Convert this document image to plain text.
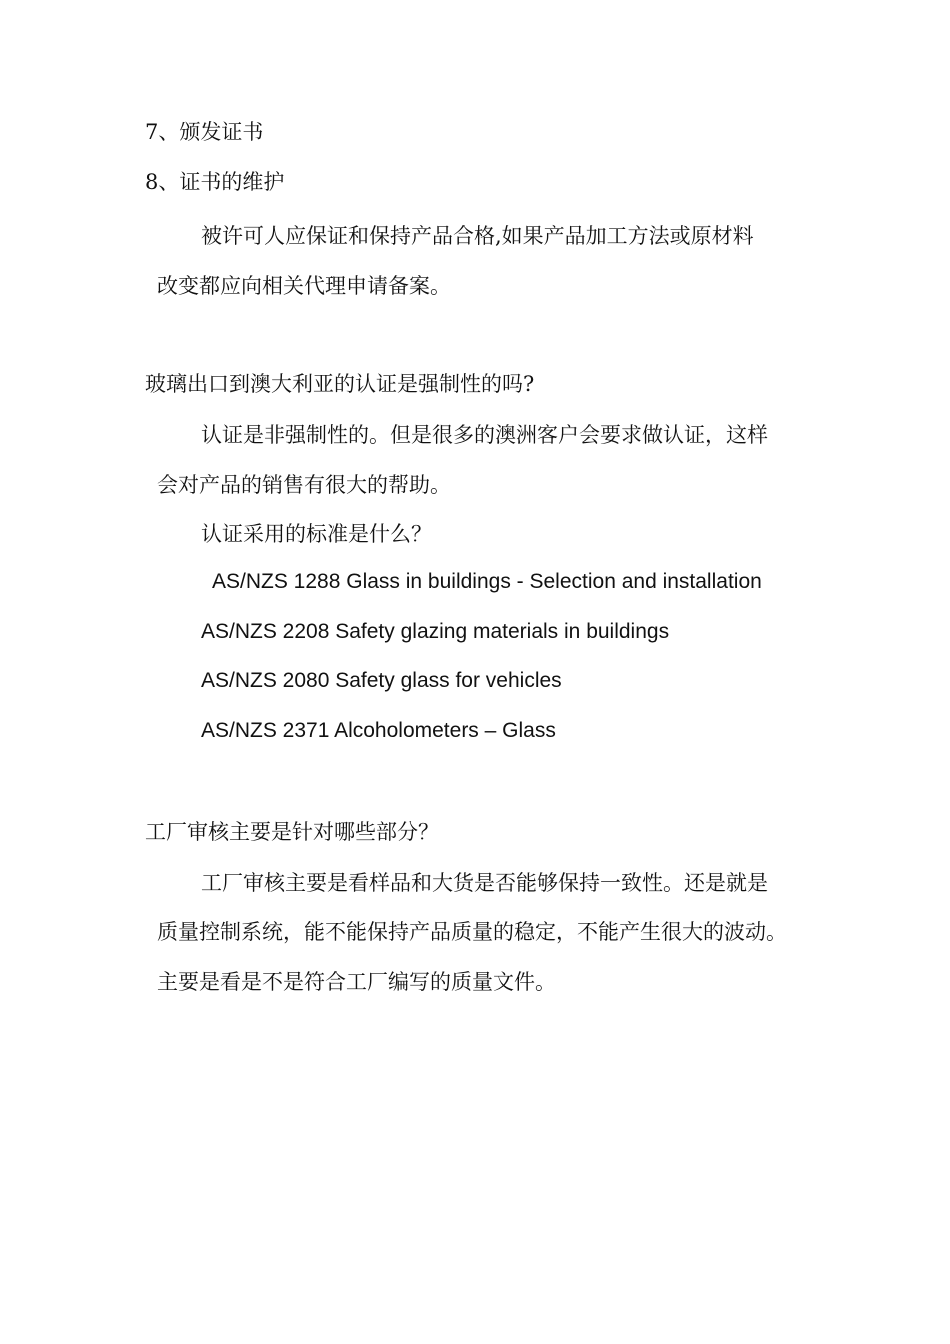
7、颁发证书
8、证书的维护
被许可人应保证和保持产品合格,如果产品加工方法或原材料
改变都应向相关代理申请备案。
玻璃出口到澳大利亚的认证是强制性的吗?
认证是非强制性的。但是很多的澳洲客户会要求做认证，这样
会对产品的销售有很大的帮助。
认证采用的标准是什么？
AS/NZS 1288 Glass in buildings - Selection and installation
AS/NZS 2208 Safety glazing materials in buildings
AS/NZS 2080 Safety glass for vehicles
AS/NZS 2371 Alcoholometers – Glass
工厂审核主要是针对哪些部分？
工厂审核主要是看样品和大货是否能够保持一致性。还是就是
质量控制系统，能不能保持产品质量的稳定，不能产生很大的波动。
主要是看是不是符合工厂编写的质量文件。
